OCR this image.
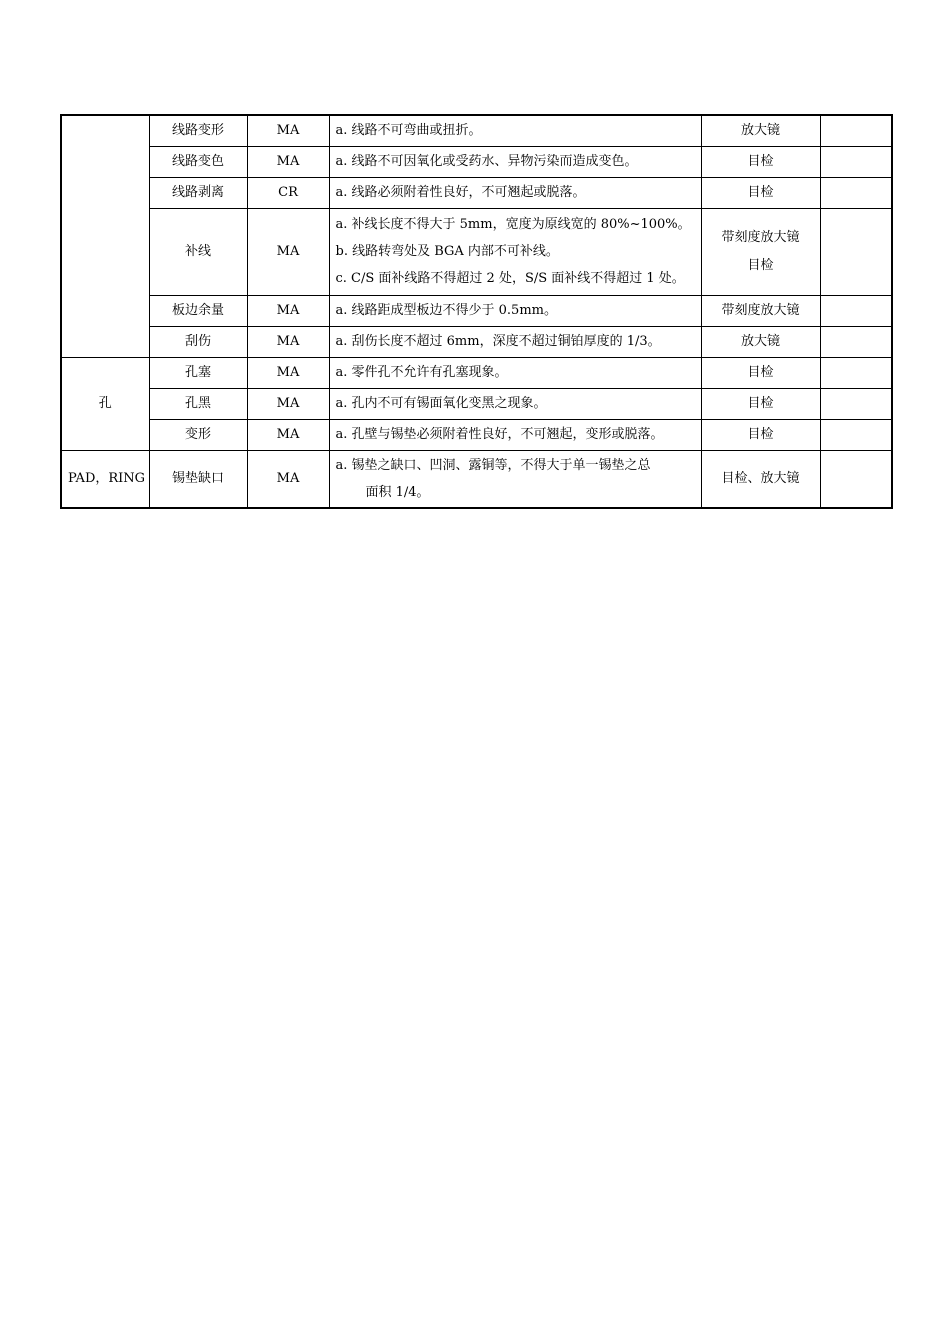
	线路变形	MA	a. 线路不可弯曲或扭折。	放大镜	

	线路变色	MA	a. 线路不可因氧化或受药水、异物污染而造成变色。	目检	

	线路剥离	CR	a. 线路必须附着性良好，不可翘起或脱落。	目检	

	补线	MA	a. 补线长度不得大于 5mm，宽度为原线宽的 80%~100%。
b. 线路转弯处及 BGA 内部不可补线。
c. C/S 面补线路不得超过 2 处，S/S 面补线不得超过 1 处。	带刻度放大镜
目检	

	板边余量	MA	a. 线路距成型板边不得少于 0.5mm。	带刻度放大镜	

	刮伤	MA	a. 刮伤长度不超过 6mm，深度不超过铜铂厚度的 1/3。	放大镜	

孔	孔塞	MA	a. 零件孔不允许有孔塞现象。	目检	

	孔黑	MA	a. 孔内不可有锡面氧化变黑之现象。	目检	

	变形	MA	a. 孔壁与锡垫必须附着性良好，不可翘起，变形或脱落。	目检	

PAD，RING	锡垫缺口	MA	a. 锡垫之缺口、凹洞、露铜等，不得大于单一锡垫之总
面积 1/4。	目检、放大镜	
